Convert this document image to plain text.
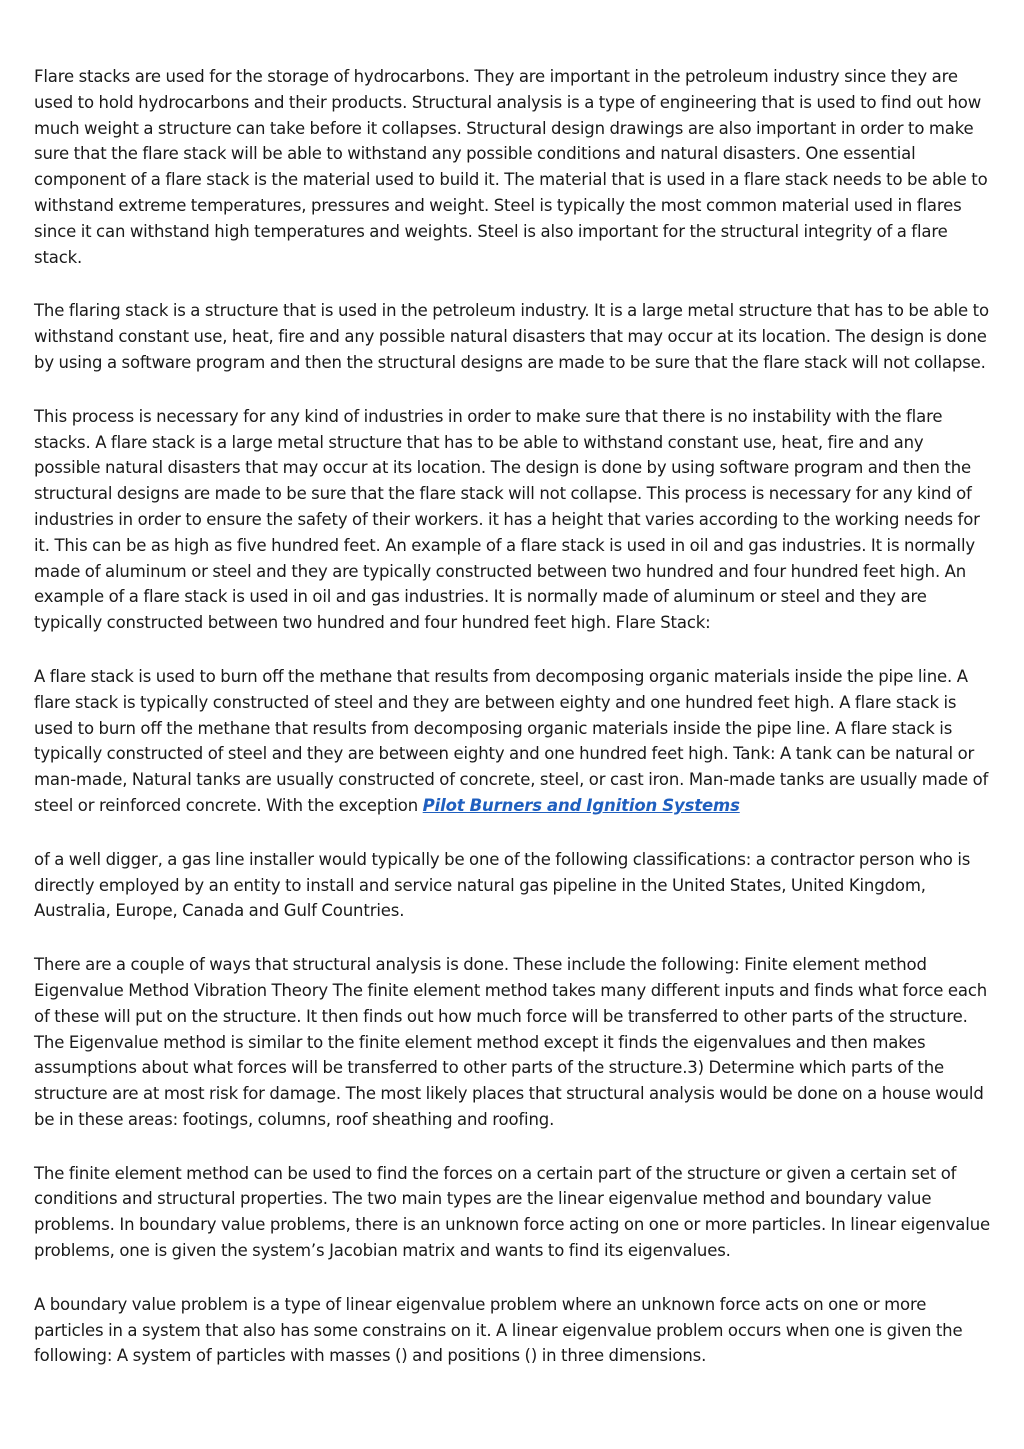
Flare stacks are used for the storage of hydrocarbons. They are important in the petroleum industry since they are used to hold hydrocarbons and their products. Structural analysis is a type of engineering that is used to find out how much weight a structure can take before it collapses. Structural design drawings are also important in order to make sure that the flare stack will be able to withstand any possible conditions and natural disasters. One essential component of a flare stack is the material used to build it. The material that is used in a flare stack needs to be able to withstand extreme temperatures, pressures and weight. Steel is typically the most common material used in flares since it can withstand high temperatures and weights. Steel is also important for the structural integrity of a flare stack.

The flaring stack is a structure that is used in the petroleum industry. It is a large metal structure that has to be able to withstand constant use, heat, fire and any possible natural disasters that may occur at its location. The design is done by using a software program and then the structural designs are made to be sure that the flare stack will not collapse.

This process is necessary for any kind of industries in order to make sure that there is no instability with the flare stacks. A flare stack is a large metal structure that has to be able to withstand constant use, heat, fire and any possible natural disasters that may occur at its location. The design is done by using software program and then the structural designs are made to be sure that the flare stack will not collapse. This process is necessary for any kind of industries in order to ensure the safety of their workers. it has a height that varies according to the working needs for it. This can be as high as five hundred feet. An example of a flare stack is used in oil and gas industries. It is normally made of aluminum or steel and they are typically constructed between two hundred and four hundred feet high. An example of a flare stack is used in oil and gas industries. It is normally made of aluminum or steel and they are typically constructed between two hundred and four hundred feet high. Flare Stack:

A flare stack is used to burn off the methane that results from decomposing organic materials inside the pipe line. A flare stack is typically constructed of steel and they are between eighty and one hundred feet high. A flare stack is used to burn off the methane that results from decomposing organic materials inside the pipe line. A flare stack is typically constructed of steel and they are between eighty and one hundred feet high. Tank: A tank can be natural or man-made, Natural tanks are usually constructed of concrete, steel, or cast iron. Man-made tanks are usually made of steel or reinforced concrete. With the exception Pilot Burners and Ignition Systems

of a well digger, a gas line installer would typically be one of the following classifications: a contractor person who is directly employed by an entity to install and service natural gas pipeline in the United States, United Kingdom, Australia, Europe, Canada and Gulf Countries.

There are a couple of ways that structural analysis is done. These include the following: Finite element method Eigenvalue Method Vibration Theory The finite element method takes many different inputs and finds what force each of these will put on the structure. It then finds out how much force will be transferred to other parts of the structure. The Eigenvalue method is similar to the finite element method except it finds the eigenvalues and then makes assumptions about what forces will be transferred to other parts of the structure.3) Determine which parts of the structure are at most risk for damage. The most likely places that structural analysis would be done on a house would be in these areas: footings, columns, roof sheathing and roofing.

The finite element method can be used to find the forces on a certain part of the structure or given a certain set of conditions and structural properties. The two main types are the linear eigenvalue method and boundary value problems. In boundary value problems, there is an unknown force acting on one or more particles. In linear eigenvalue problems, one is given the system’s Jacobian matrix and wants to find its eigenvalues.

A boundary value problem is a type of linear eigenvalue problem where an unknown force acts on one or more particles in a system that also has some constrains on it. A linear eigenvalue problem occurs when one is given the following: A system of particles with masses () and positions () in three dimensions.
